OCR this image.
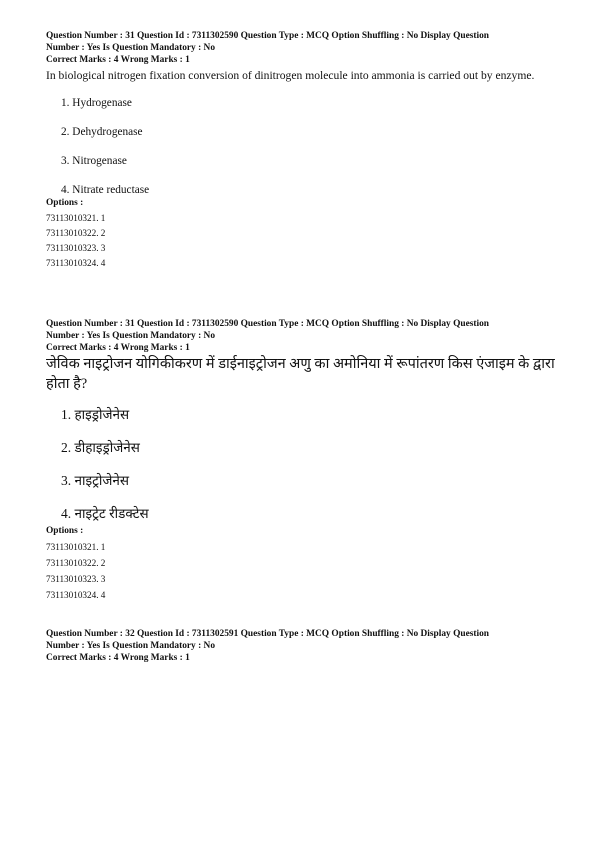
Question Number : 31 Question Id : 7311302590 Question Type : MCQ Option Shuffling : No Display Question
Number : Yes Is Question Mandatory : No
Correct Marks : 4 Wrong Marks : 1
In biological nitrogen fixation conversion of dinitrogen molecule into ammonia is carried out by enzyme.
1. Hydrogenase
2. Dehydrogenase
3. Nitrogenase
4. Nitrate reductase
Options :
73113010321. 1
73113010322. 2
73113010323. 3
73113010324. 4
Question Number : 31 Question Id : 7311302590 Question Type : MCQ Option Shuffling : No Display Question
Number : Yes Is Question Mandatory : No
Correct Marks : 4 Wrong Marks : 1
जेविक नाइट्रोजन योगिकीकरण में डाईनाइट्रोजन अणु का अमोनिया में रूपांतरण किस एंजाइम के द्वारा होता है?
1. हाइड्रोजेनेस
2. डीहाइड्रोजेनेस
3. नाइट्रोजेनेस
4. नाइट्रेट रीडक्टेस
Options :
73113010321. 1
73113010322. 2
73113010323. 3
73113010324. 4
Question Number : 32 Question Id : 7311302591 Question Type : MCQ Option Shuffling : No Display Question
Number : Yes Is Question Mandatory : No
Correct Marks : 4 Wrong Marks : 1
